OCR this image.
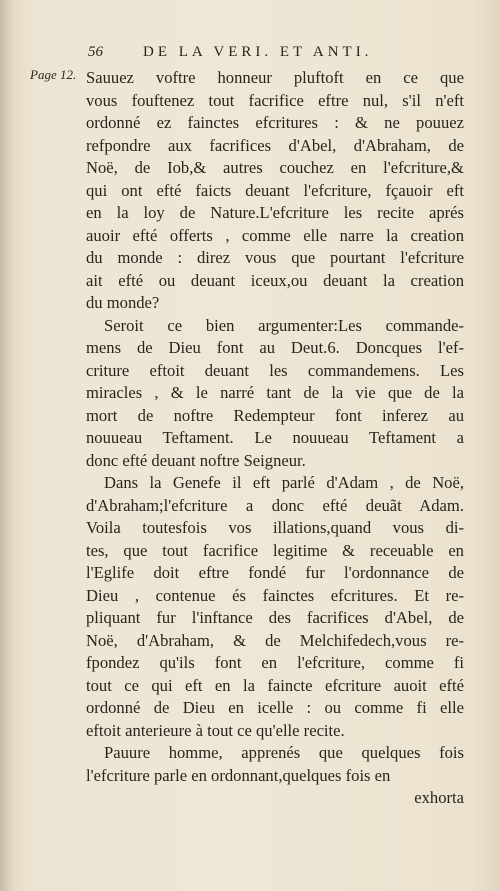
56	DE LA VERI. ET ANTI.
Page 12. Sauuez voftre honneur pluftoft en ce que
vous fouftenez tout facrifice eftre nul, s'il n'eft
ordonné ez fainctes efcritures : & ne pouuez
refpondre aux facrifices d'Abel, d'Abraham, de
Noë, de Iob,& autres couchez en l'efcriture,&
qui ont efté faicts deuant l'efcriture, fçauoir eft
en la loy de Nature.L'efcriture les recite aprés
auoir efté offerts , comme elle narre la creation
du monde : direz vous que pourtant l'efcriture
ait efté ou deuant iceux,ou deuant la creation
du monde?
Seroit ce bien argumenter:Les commande-
mens de Dieu font au Deut.6. Doncques l'ef-
criture eftoit deuant les commandemens. Les
miracles , & le narré tant de la vie que de la
mort de noftre Redempteur font inferez au
nouueau Teftament. Le nouueau Teftament a
donc efté deuant noftre Seigneur.
Dans la Genefe il eft parlé d'Adam , de Noë,
d'Abraham;l'efcriture a donc efté deuãt Adam.
Voila toutesfois vos illations,quand vous di-
tes, que tout facrifice legitime & receuable en
l'Eglife doit eftre fondé fur l'ordonnance de
Dieu , contenue és fainctes efcritures. Et re-
pliquant fur l'inftance des facrifices d'Abel, de
Noë, d'Abraham, & de Melchifedech,vous re-
fpondez qu'ils font en l'efcriture, comme fi
tout ce qui eft en la faincte efcriture auoit efté
ordonné de Dieu en icelle : ou comme fi elle
eftoit anterieure à tout ce qu'elle recite.
Pauure homme, apprenés que quelques fois
l'efcriture parle en ordonnant,quelques fois en
exhorta
